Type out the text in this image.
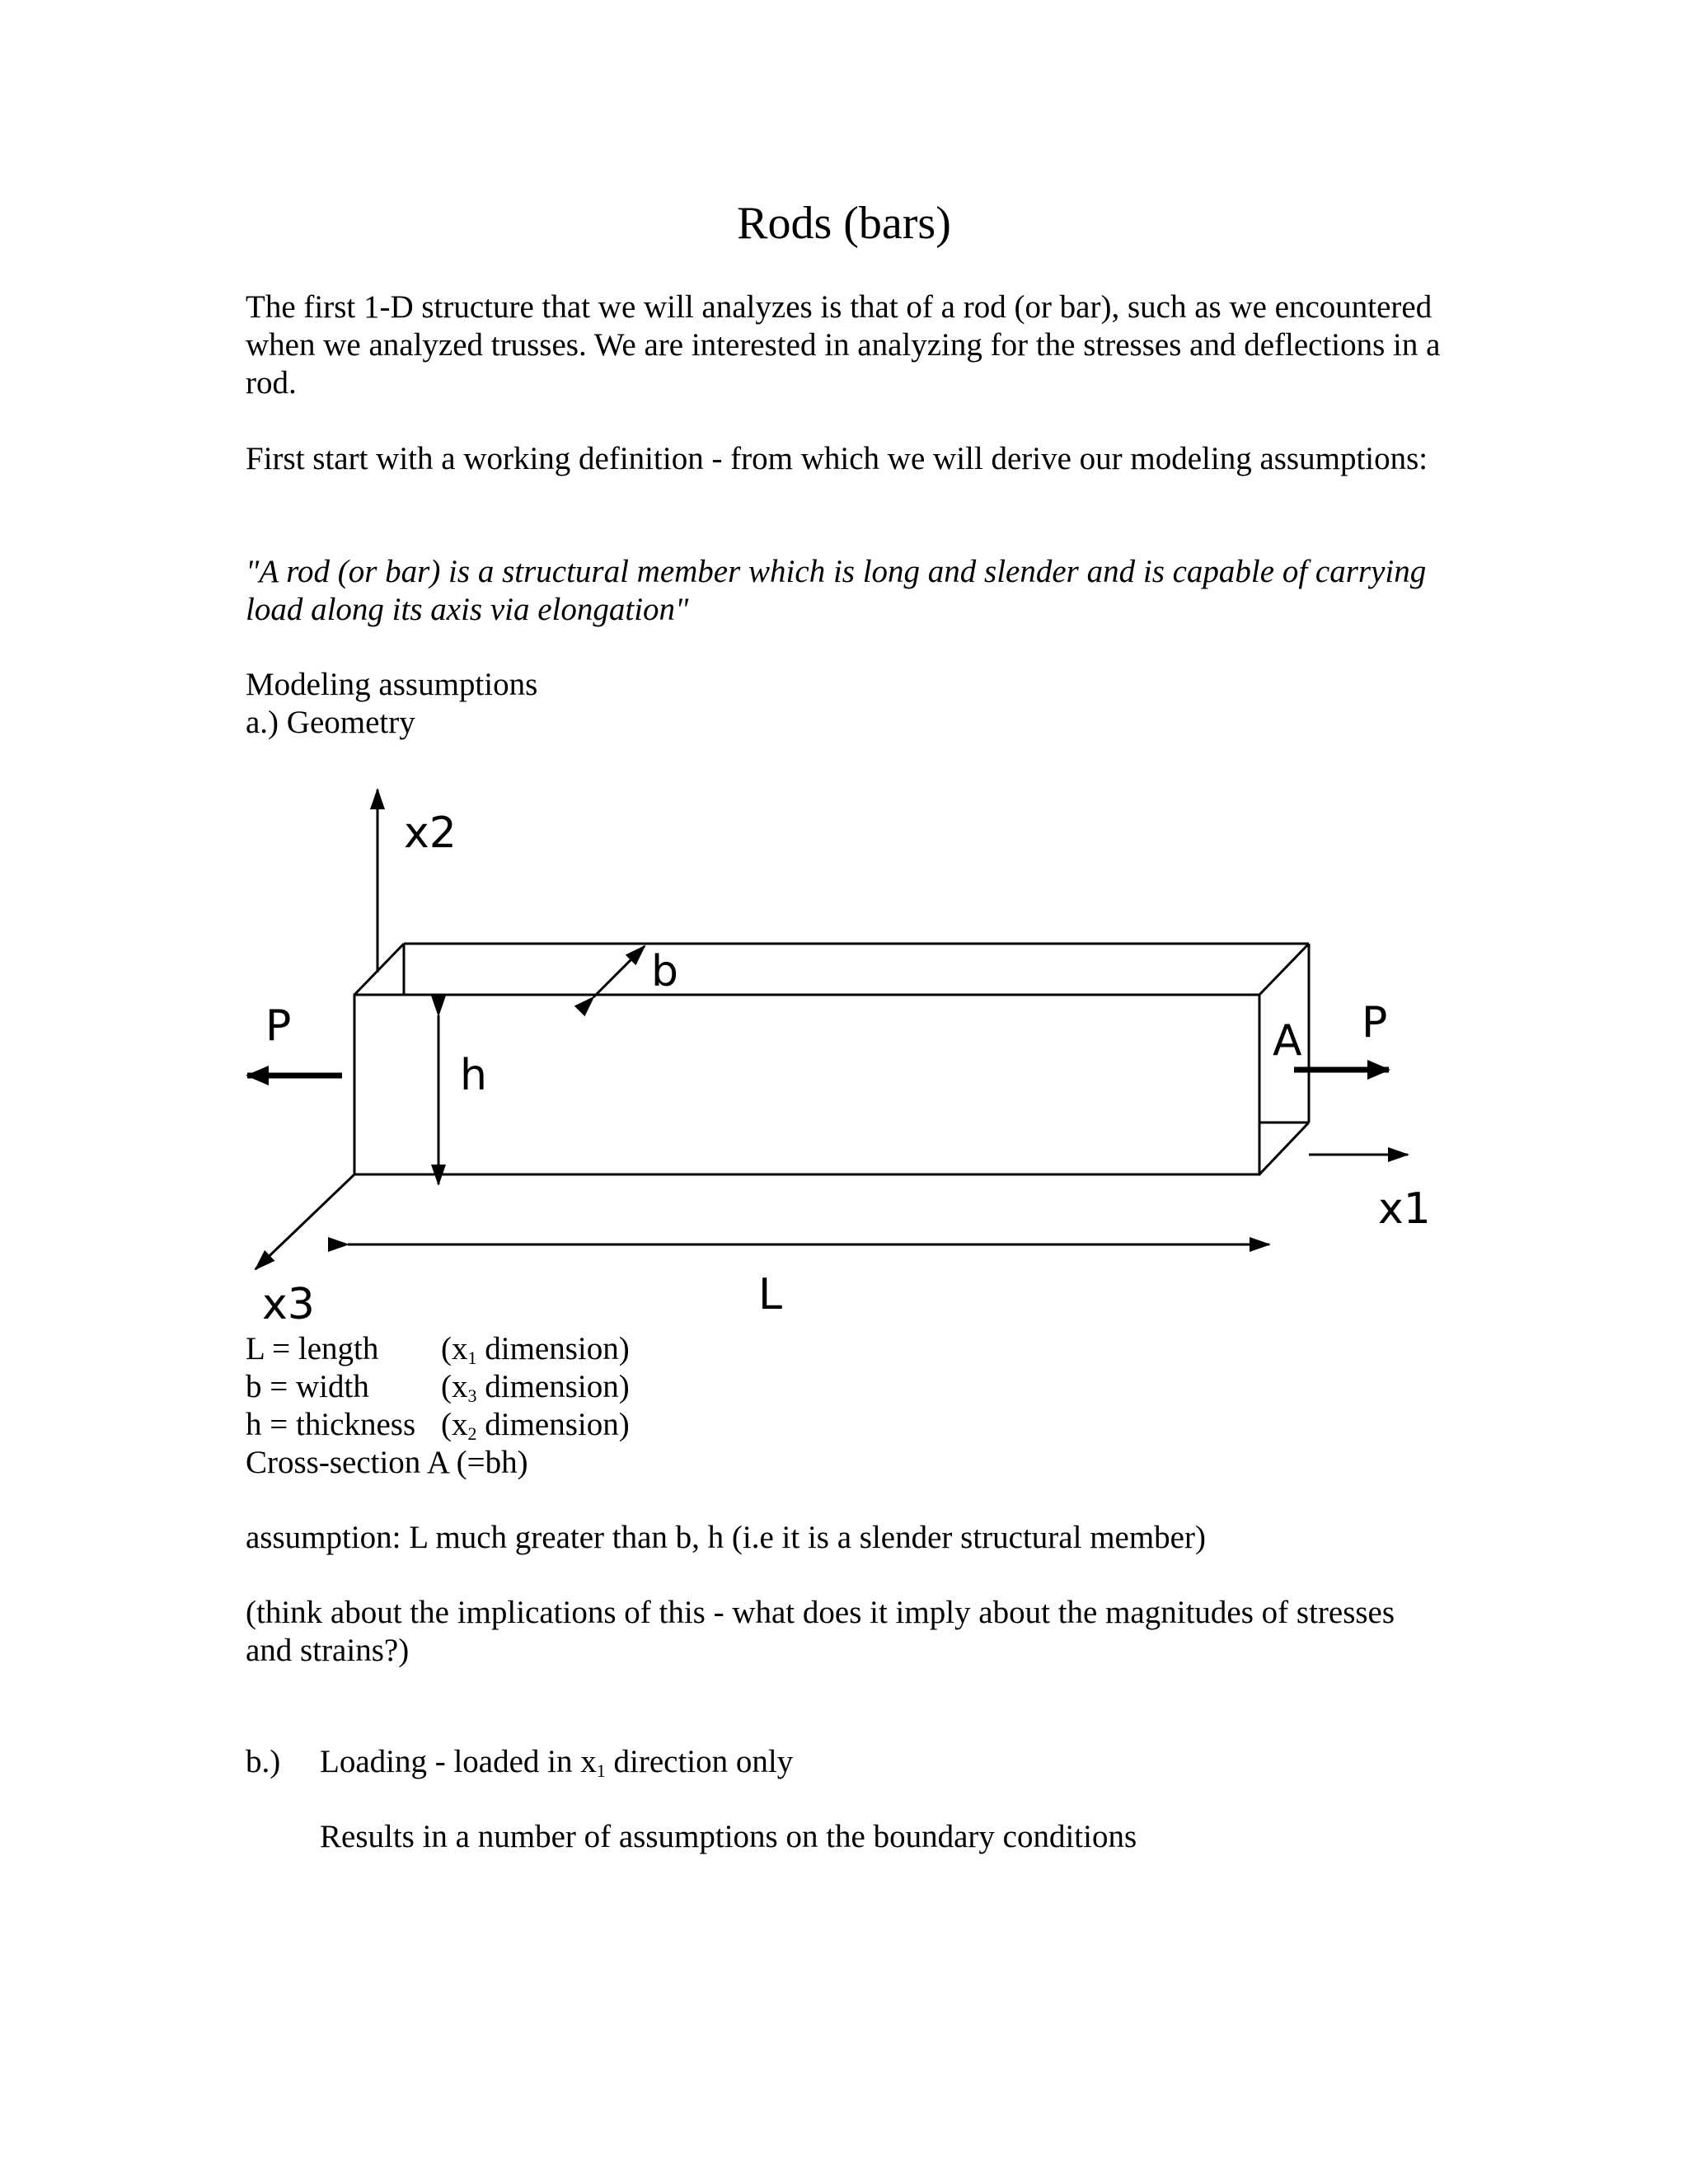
Rods (bars)

The first 1-D structure that we will analyzes is that of a rod (or bar), such as we encountered when we analyzed trusses. We are interested in analyzing for the stresses and deflections in a rod.

First start with a working definition - from which we will derive our modeling assumptions:

"A rod (or bar) is a structural member which is long and slender and is capable of carrying load along its axis via elongation"

Modeling assumptions

a.) Geometry

x2
b
P
h
A P
x1
x3	L
L = length ($x_1$ dimension)
b = width ($x_3$ dimension)
h = thickness ($x_2$ dimension)
Cross-section A (=bh)

assumption: L much greater than b, h (i.e it is a slender structural member)

(think about the implications of this - what does it imply about the magnitudes of stresses and strains?)

b.) Loading - loaded in $x_1$ direction only
Results in a number of assumptions on the boundary conditions
